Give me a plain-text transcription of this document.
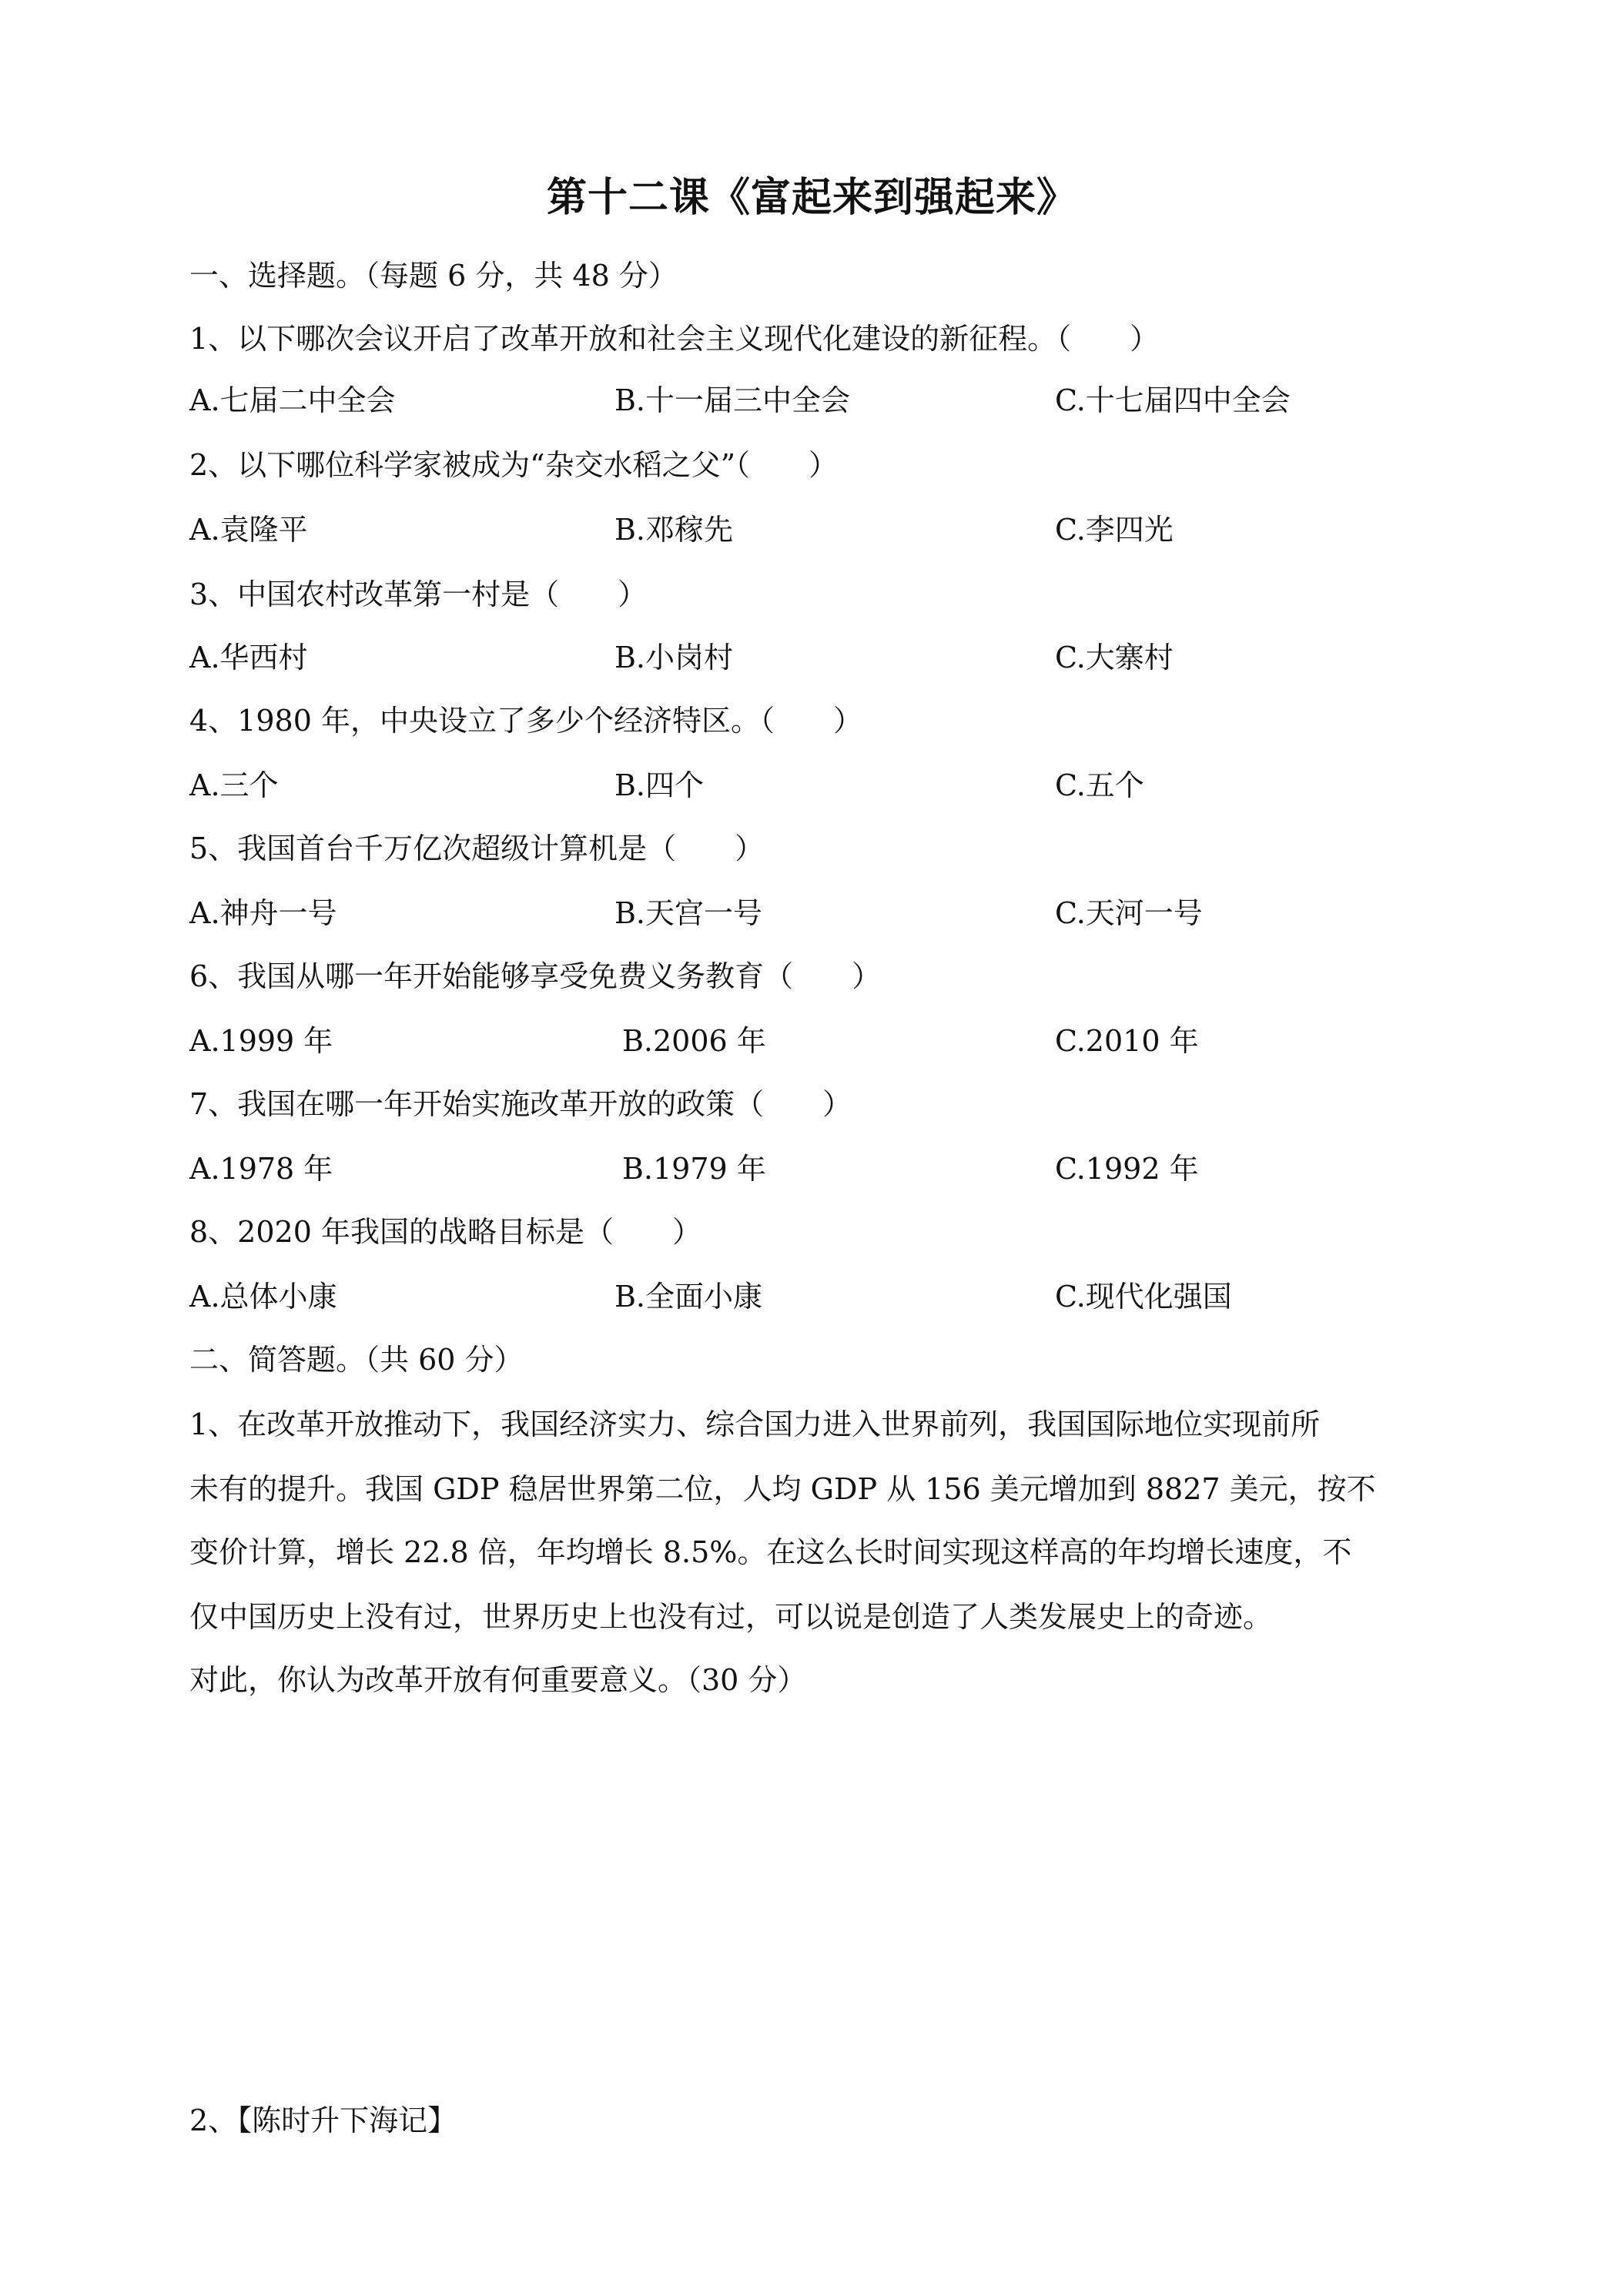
第十二课《富起来到强起来》
一、选择题。（每题 6 分，共 48 分）
1、以下哪次会议开启了改革开放和社会主义现代化建设的新征程。（　　）
A.七届二中全会	B.十一届三中全会	C.十七届四中全会
2、以下哪位科学家被成为“杂交水稻之父”（　　）
A.袁隆平	B.邓稼先	C.李四光
3、中国农村改革第一村是（　　）
A.华西村	B.小岗村	C.大寨村
4、1980 年，中央设立了多少个经济特区。（　　）
A.三个	B.四个	C.五个
5、我国首台千万亿次超级计算机是（　　）
A.神舟一号	B.天宫一号	C.天河一号
6、我国从哪一年开始能够享受免费义务教育（　　）
A.1999 年	B.2006 年	C.2010 年
7、我国在哪一年开始实施改革开放的政策（　　）
A.1978 年	B.1979 年	C.1992 年
8、2020 年我国的战略目标是（　　）
A.总体小康	B.全面小康	C.现代化强国
二、简答题。（共 60 分）
1、在改革开放推动下，我国经济实力、综合国力进入世界前列，我国国际地位实现前所
未有的提升。我国 GDP 稳居世界第二位，人均 GDP 从 156 美元增加到 8827 美元，按不
变价计算，增长 22.8 倍，年均增长 8.5%。在这么长时间实现这样高的年均增长速度，不
仅中国历史上没有过，世界历史上也没有过，可以说是创造了人类发展史上的奇迹。
对此，你认为改革开放有何重要意义。（30 分）
2、【陈时升下海记】
